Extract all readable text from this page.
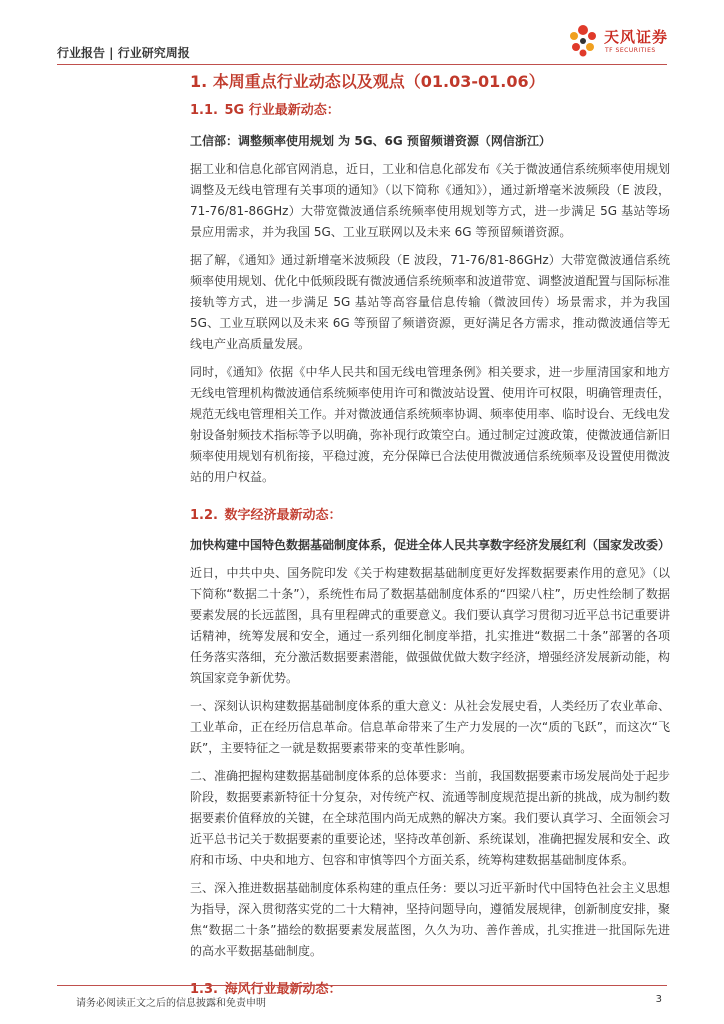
行业报告 | 行业研究周报
天风证券
TF SECURITIES

1. 本周重点行业动态以及观点（01.03-01.06）

1.1. 5G 行业最新动态：

工信部：调整频率使用规划 为 5G、6G 预留频谱资源（网信浙江）

据工业和信息化部官网消息，近日，工业和信息化部发布《关于微波通信系统频率使用规划调整及无线电管理有关事项的通知》（以下简称《通知》），通过新增毫米波频段（E 波段，71-76/81-86GHz）大带宽微波通信系统频率使用规划等方式，进一步满足 5G 基站等场景应用需求，并为我国 5G、工业互联网以及未来 6G 等预留频谱资源。

据了解，《通知》通过新增毫米波频段（E 波段，71-76/81-86GHz）大带宽微波通信系统频率使用规划、优化中低频段既有微波通信系统频率和波道带宽、调整波道配置与国际标准接轨等方式，进一步满足 5G 基站等高容量信息传输（微波回传）场景需求，并为我国 5G、工业互联网以及未来 6G 等预留了频谱资源，更好满足各方需求，推动微波通信等无线电产业高质量发展。

同时，《通知》依据《中华人民共和国无线电管理条例》相关要求，进一步厘清国家和地方无线电管理机构微波通信系统频率使用许可和微波站设置、使用许可权限，明确管理责任，规范无线电管理相关工作。并对微波通信系统频率协调、频率使用率、临时设台、无线电发射设备射频技术指标等予以明确，弥补现行政策空白。通过制定过渡政策，使微波通信新旧频率使用规划有机衔接，平稳过渡，充分保障已合法使用微波通信系统频率及设置使用微波站的用户权益。

1.2. 数字经济最新动态：

加快构建中国特色数据基础制度体系，促进全体人民共享数字经济发展红利（国家发改委）

近日，中共中央、国务院印发《关于构建数据基础制度更好发挥数据要素作用的意见》（以下简称“数据二十条”），系统性布局了数据基础制度体系的“四梁八柱”，历史性绘制了数据要素发展的长远蓝图，具有里程碑式的重要意义。我们要认真学习贯彻习近平总书记重要讲话精神，统筹发展和安全，通过一系列细化制度举措，扎实推进“数据二十条”部署的各项任务落实落细，充分激活数据要素潜能，做强做优做大数字经济，增强经济发展新动能，构筑国家竞争新优势。

一、深刻认识构建数据基础制度体系的重大意义：从社会发展史看，人类经历了农业革命、工业革命，正在经历信息革命。信息革命带来了生产力发展的一次“质的飞跃”，而这次“飞跃”，主要特征之一就是数据要素带来的变革性影响。

二、准确把握构建数据基础制度体系的总体要求：当前，我国数据要素市场发展尚处于起步阶段，数据要素新特征十分复杂，对传统产权、流通等制度规范提出新的挑战，成为制约数据要素价值释放的关键，在全球范围内尚无成熟的解决方案。我们要认真学习、全面领会习近平总书记关于数据要素的重要论述，坚持改革创新、系统谋划，准确把握发展和安全、政府和市场、中央和地方、包容和审慎等四个方面关系，统筹构建数据基础制度体系。

三、深入推进数据基础制度体系构建的重点任务：要以习近平新时代中国特色社会主义思想为指导，深入贯彻落实党的二十大精神，坚持问题导向，遵循发展规律，创新制度安排，聚焦“数据二十条”描绘的数据要素发展蓝图，久久为功、善作善成，扎实推进一批国际先进的高水平数据基础制度。

1.3. 海风行业最新动态：

请务必阅读正文之后的信息披露和免责申明	3
